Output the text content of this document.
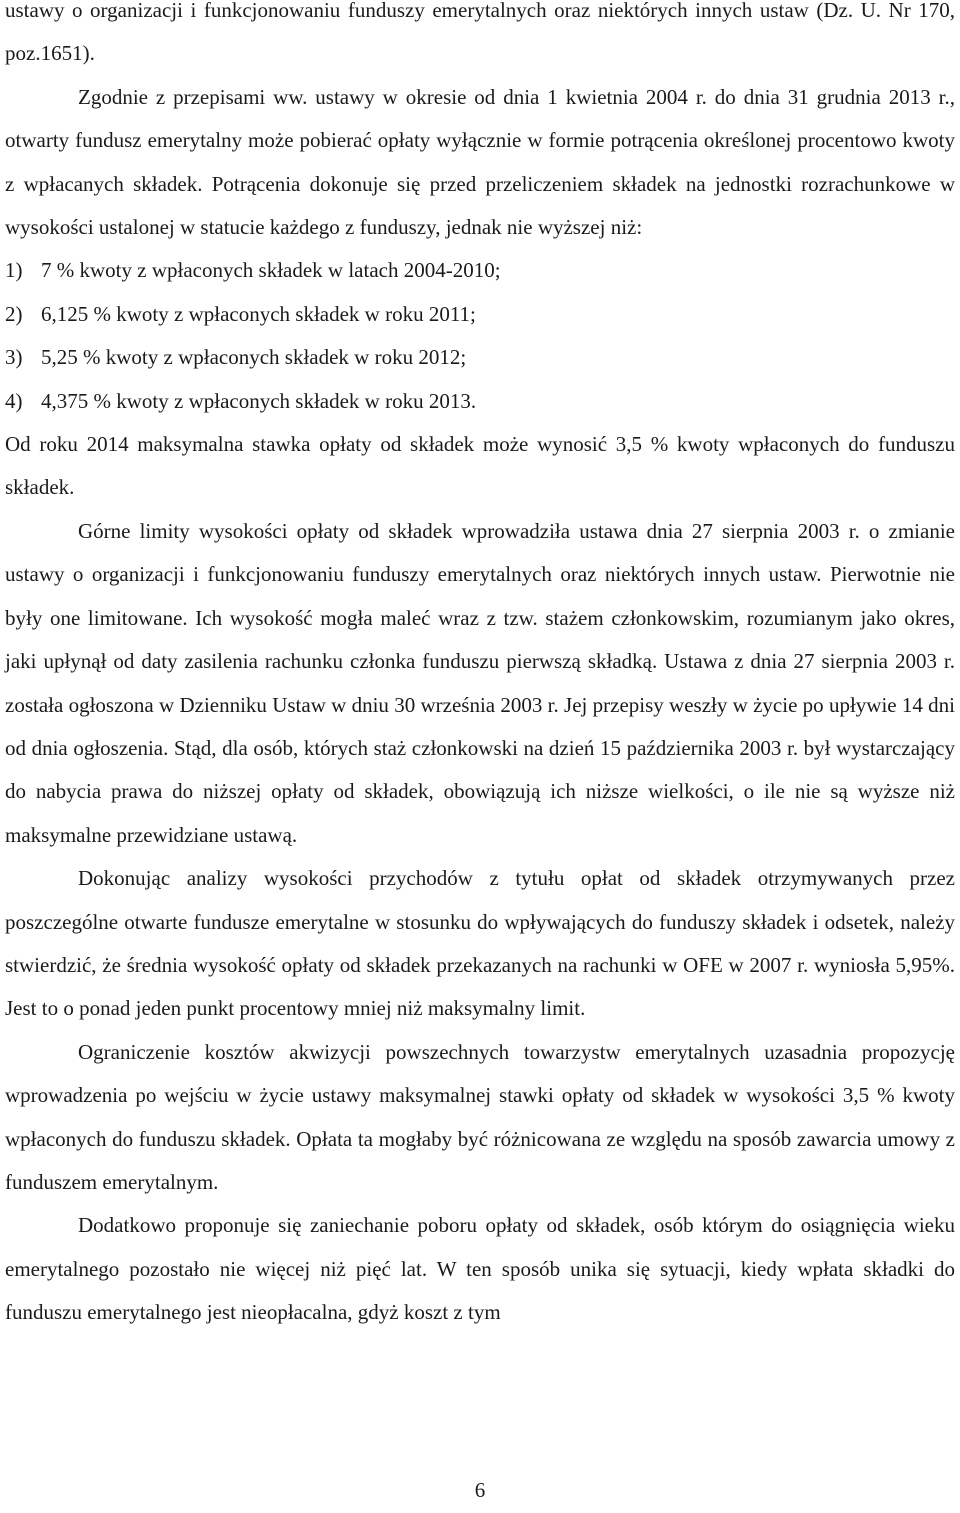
ustawy o organizacji i funkcjonowaniu funduszy emerytalnych oraz niektórych innych ustaw (Dz. U. Nr 170, poz.1651).

Zgodnie z przepisami ww. ustawy w okresie od dnia 1 kwietnia 2004 r. do dnia 31 grudnia 2013 r., otwarty fundusz emerytalny może pobierać opłaty wyłącznie w formie potrącenia określonej procentowo kwoty z wpłacanych składek. Potrącenia dokonuje się przed przeliczeniem składek na jednostki rozrachunkowe w wysokości ustalonej w statucie każdego z funduszy, jednak nie wyższej niż:

1) 7 % kwoty z wpłaconych składek w latach 2004-2010;
2) 6,125 % kwoty z wpłaconych składek w roku 2011;
3) 5,25 % kwoty z wpłaconych składek w roku 2012;
4) 4,375 % kwoty z wpłaconych składek w roku 2013.

Od roku 2014 maksymalna stawka opłaty od składek może wynosić 3,5 % kwoty wpłaconych do funduszu składek.

Górne limity wysokości opłaty od składek wprowadziła ustawa dnia 27 sierpnia 2003 r. o zmianie ustawy o organizacji i funkcjonowaniu funduszy emerytalnych oraz niektórych innych ustaw. Pierwotnie nie były one limitowane. Ich wysokość mogła maleć wraz z tzw. stażem członkowskim, rozumianym jako okres, jaki upłynął od daty zasilenia rachunku członka funduszu pierwszą składką. Ustawa z dnia 27 sierpnia 2003 r. została ogłoszona w Dzienniku Ustaw w dniu 30 września 2003 r. Jej przepisy weszły w życie po upływie 14 dni od dnia ogłoszenia. Stąd, dla osób, których staż członkowski na dzień 15 października 2003 r. był wystarczający do nabycia prawa do niższej opłaty od składek, obowiązują ich niższe wielkości, o ile nie są wyższe niż maksymalne przewidziane ustawą.

Dokonując analizy wysokości przychodów z tytułu opłat od składek otrzymywanych przez poszczególne otwarte fundusze emerytalne w stosunku do wpływających do funduszy składek i odsetek, należy stwierdzić, że średnia wysokość opłaty od składek przekazanych na rachunki w OFE w 2007 r. wyniosła 5,95%. Jest to o ponad jeden punkt procentowy mniej niż maksymalny limit.

Ograniczenie kosztów akwizycji powszechnych towarzystw emerytalnych uzasadnia propozycję wprowadzenia po wejściu w życie ustawy maksymalnej stawki opłaty od składek w wysokości 3,5 % kwoty wpłaconych do funduszu składek. Opłata ta mogłaby być różnicowana ze względu na sposób zawarcia umowy z funduszem emerytalnym.

Dodatkowo proponuje się zaniechanie poboru opłaty od składek, osób którym do osiągnięcia wieku emerytalnego pozostało nie więcej niż pięć lat. W ten sposób unika się sytuacji, kiedy wpłata składki do funduszu emerytalnego jest nieopłacalna, gdyż koszt z tym

6
